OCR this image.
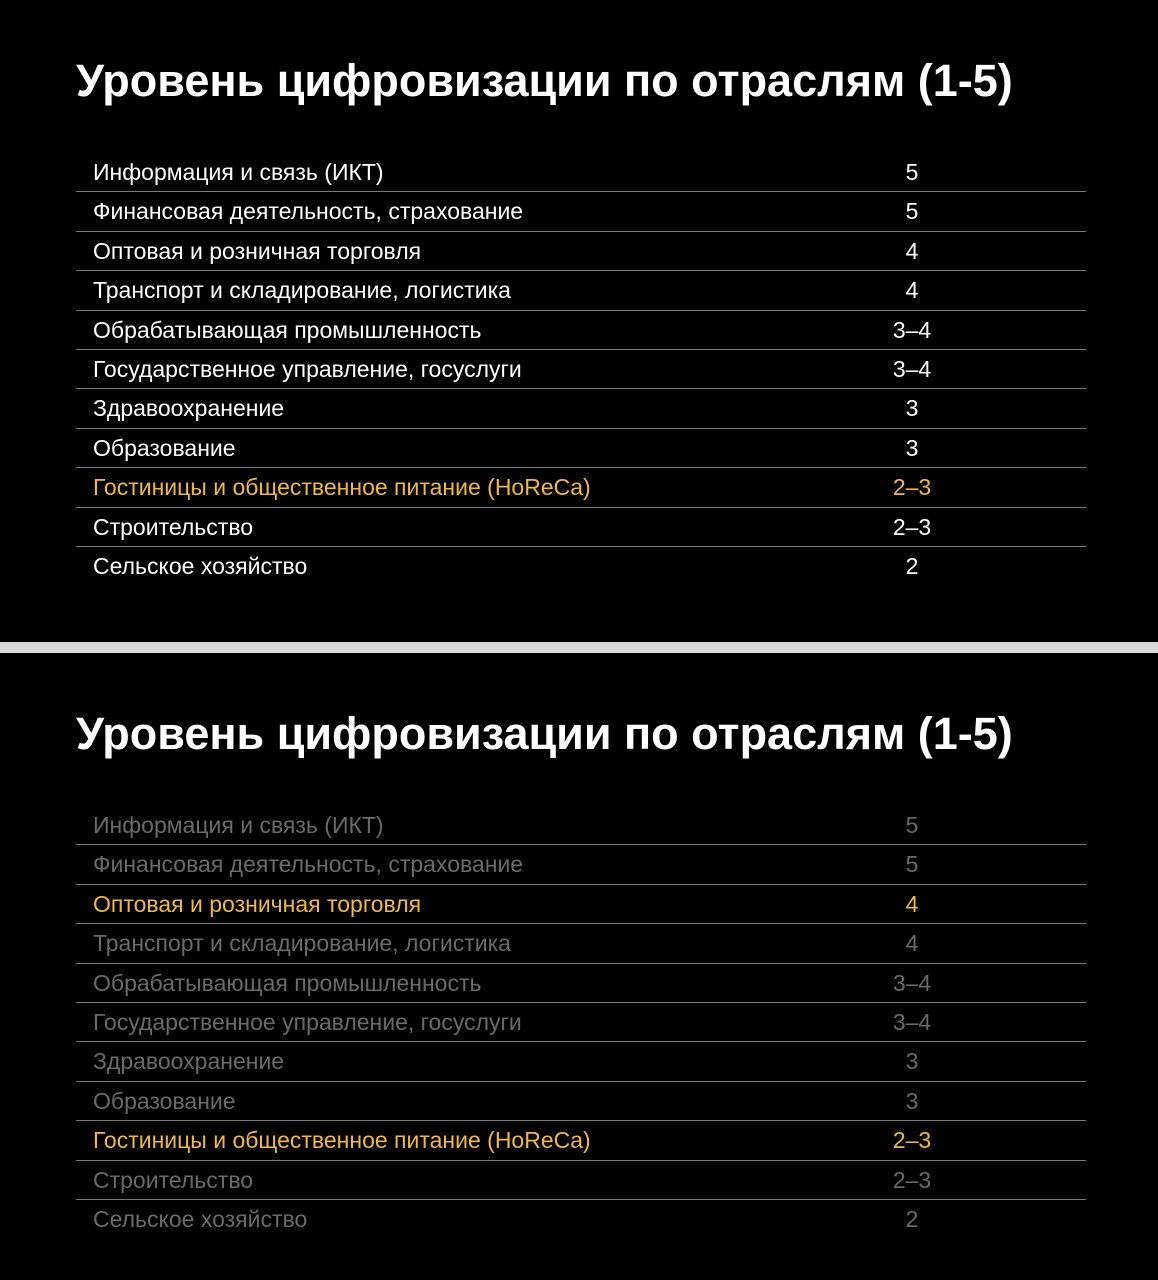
Уровень цифровизации по отраслям (1-5)
Информация и связь (ИКТ)	5
Финансовая деятельность, страхование	5
Оптовая и розничная торговля	4
Транспорт и складирование, логистика	4
Обрабатывающая промышленность	3–4
Государственное управление, госуслуги	3–4
Здравоохранение	3
Образование	3
Гостиницы и общественное питание (HoReCa)	2–3
Строительство	2–3
Сельское хозяйство	2
Уровень цифровизации по отраслям (1-5)
Информация и связь (ИКТ)	5
Финансовая деятельность, страхование	5
Оптовая и розничная торговля	4
Транспорт и складирование, логистика	4
Обрабатывающая промышленность	3–4
Государственное управление, госуслуги	3–4
Здравоохранение	3
Образование	3
Гостиницы и общественное питание (HoReCa)	2–3
Строительство	2–3
Сельское хозяйство	2
